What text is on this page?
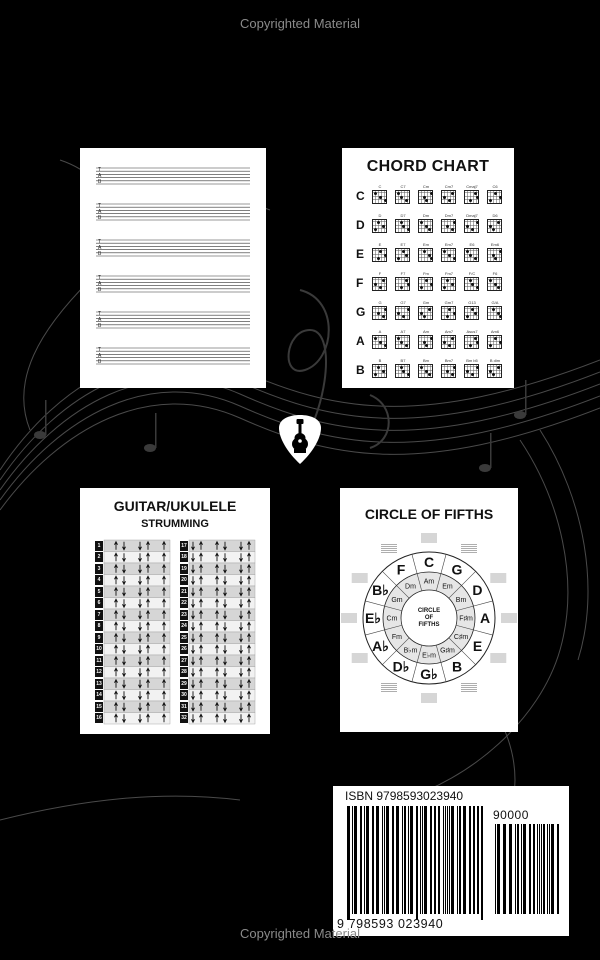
Copyrighted Material
T
A
B
T
A
B
T
A
B
T
A
B
T
A
B
T
A
B
CHORD CHART
C
C	C7	Cm	Cm7	Cmaj7	C6
D
D	D7	Dm	Dm7	Dmaj7	D6
E
E	E7	Em	Em7	E6	Em6
F
F	F7	Fm	Fm7	F/C	F6
G
G	G7	Gm	Gm7	G13	G/A
A
A	A7	Am	Am7	Asus7	Am6
B
B	B7	Bm	Bm7	Bm b5	B dim
GUITAR/UKULELE
STRUMMING
1
2
3
4
5
6
7
8
9
10
11
12
13
14
15
16
17
18
19
20
21
22
23
24
25
26
27
28
29
30
31
32
CIRCLE OF FIFTHS
C G
D
A
E
B
G♭
D♭
A♭
E♭
B♭
F
Am
Em
Bm
F♯m
C♯m
G♯m
E♭m
B♭m
Fm
Cm
Gm
Dm
CIRCLE
OF
FIFTHS
ISBN 9798593023940
90000
9 798593 023940
Copyrighted Material
